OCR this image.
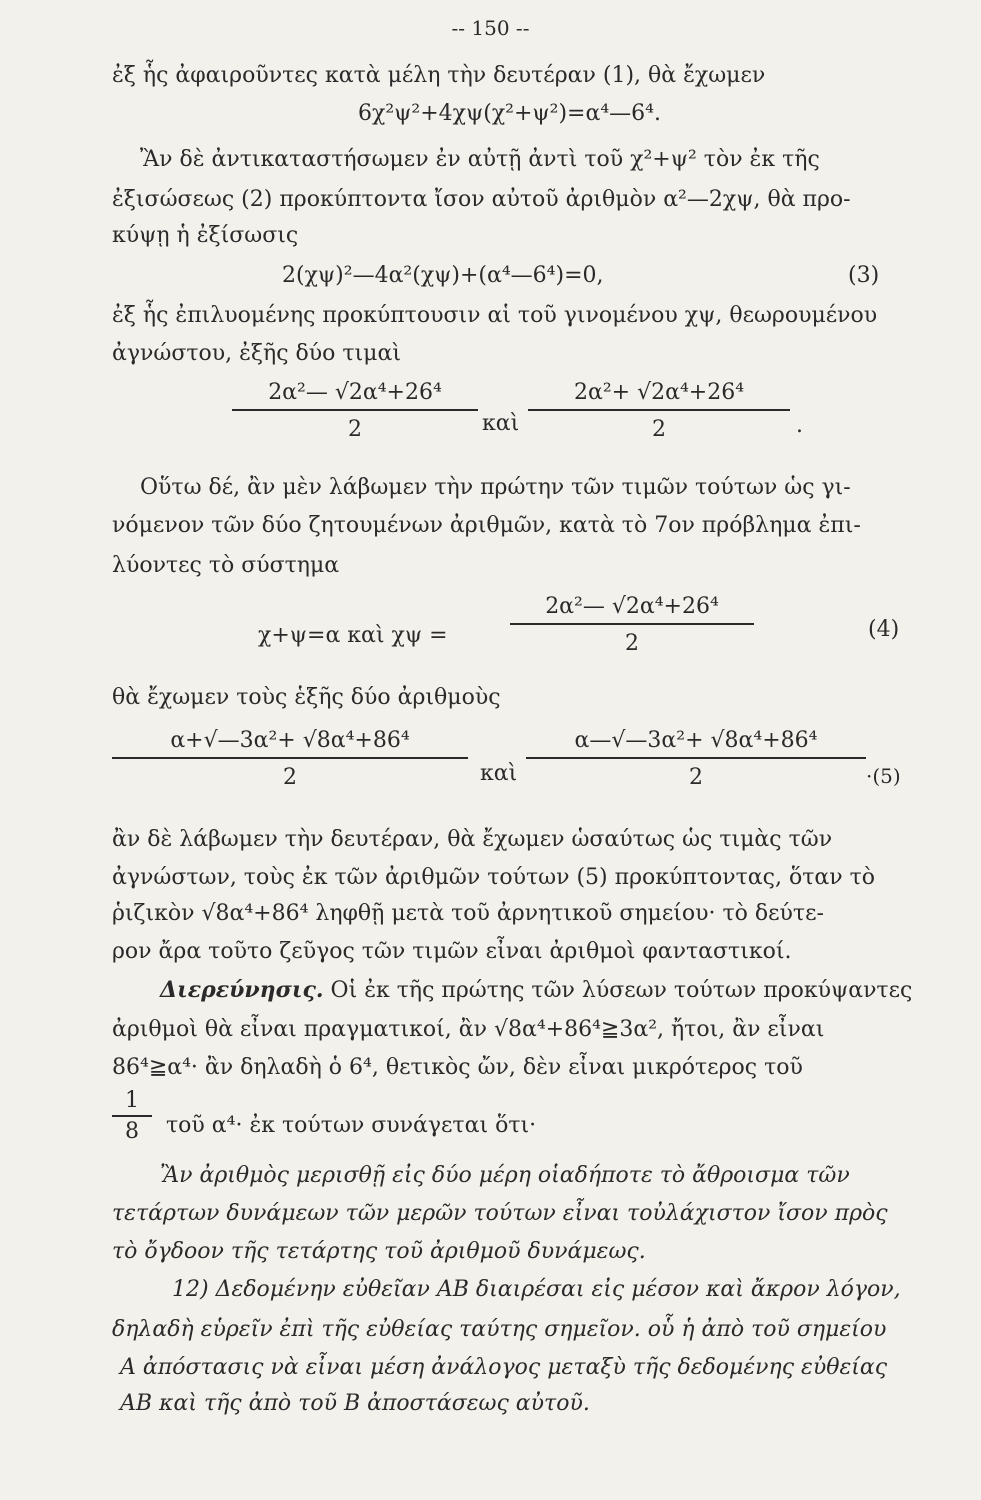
-- 150 --
ἐξ ἧς ἀφαιροῦντες κατὰ μέλη τὴν δευτέραν (1), θὰ ἔχωμεν
6χ²ψ²+4χψ(χ²+ψ²)=α⁴—6⁴.
Ἂν δὲ ἀντικαταστήσωμεν ἐν αὐτῇ ἀντὶ τοῦ χ²+ψ² τὸν ἐκ τῆς
ἐξισώσεως (2) προκύπτοντα ἴσον αὐτοῦ ἀριθμὸν α²—2χψ, θὰ προ-
κύψῃ ἡ ἐξίσωσις
2(χψ)²—4α²(χψ)+(α⁴—6⁴)=0,	(3)
ἐξ ἧς ἐπιλυομένης προκύπτουσιν αἱ τοῦ γινομένου χψ, θεωρουμένου
ἀγνώστου, ἐξῆς δύο τιμαὶ
2α²— √2α⁴+26⁴
2	καὶ
2α²+ √2α⁴+26⁴
2	.
Οὕτω δέ, ἂν μὲν λάβωμεν τὴν πρώτην τῶν τιμῶν τούτων ὡς γι-
νόμενον τῶν δύο ζητουμένων ἀριθμῶν, κατὰ τὸ 7ον πρόβλημα ἐπι-
λύοντες τὸ σύστημα
χ+ψ=α καὶ χψ =
2α²— √2α⁴+26⁴
2
(4)
θὰ ἔχωμεν τοὺς ἑξῆς δύο ἀριθμοὺς
α+√—3α²+ √8α⁴+86⁴
2	καὶ
α—√—3α²+ √8α⁴+86⁴
2	·(5)
ἂν δὲ λάβωμεν τὴν δευτέραν, θὰ ἔχωμεν ὡσαύτως ὡς τιμὰς τῶν
ἀγνώστων, τοὺς ἐκ τῶν ἀριθμῶν τούτων (5) προκύπτοντας, ὅταν τὸ
ῥιζικὸν √8α⁴+86⁴ ληφθῇ μετὰ τοῦ ἀρνητικοῦ σημείου· τὸ δεύτε-
ρον ἄρα τοῦτο ζεῦγος τῶν τιμῶν εἶναι ἀριθμοὶ φανταστικοί.
Διερεύνησις. Οἱ ἐκ τῆς πρώτης τῶν λύσεων τούτων προκύψαντες
ἀριθμοὶ θὰ εἶναι πραγματικοί, ἂν √8α⁴+86⁴≧3α², ἤτοι, ἂν εἶναι
86⁴≧α⁴· ἂν δηλαδὴ ὁ 6⁴, θετικὸς ὤν, δὲν εἶναι μικρότερος τοῦ
1
8	τοῦ α⁴· ἐκ τούτων συνάγεται ὅτι·
Ἂν ἀριθμὸς μερισθῇ εἰς δύο μέρη οἱαδήποτε τὸ ἄθροισμα τῶν
τετάρτων δυνάμεων τῶν μερῶν τούτων εἶναι τοὐλάχιστον ἴσον πρὸς
τὸ ὄγδοον τῆς τετάρτης τοῦ ἀριθμοῦ δυνάμεως.
12) Δεδομένην εὐθεῖαν ΑΒ διαιρέσαι εἰς μέσον καὶ ἄκρον λόγον,
δηλαδὴ εὑρεῖν ἐπὶ τῆς εὐθείας ταύτης σημεῖον. οὗ ἡ ἀπὸ τοῦ σημείου
Α ἀπόστασις νὰ εἶναι μέση ἀνάλογος μεταξὺ τῆς δεδομένης εὐθείας
ΑΒ καὶ τῆς ἀπὸ τοῦ Β ἀποστάσεως αὐτοῦ.
